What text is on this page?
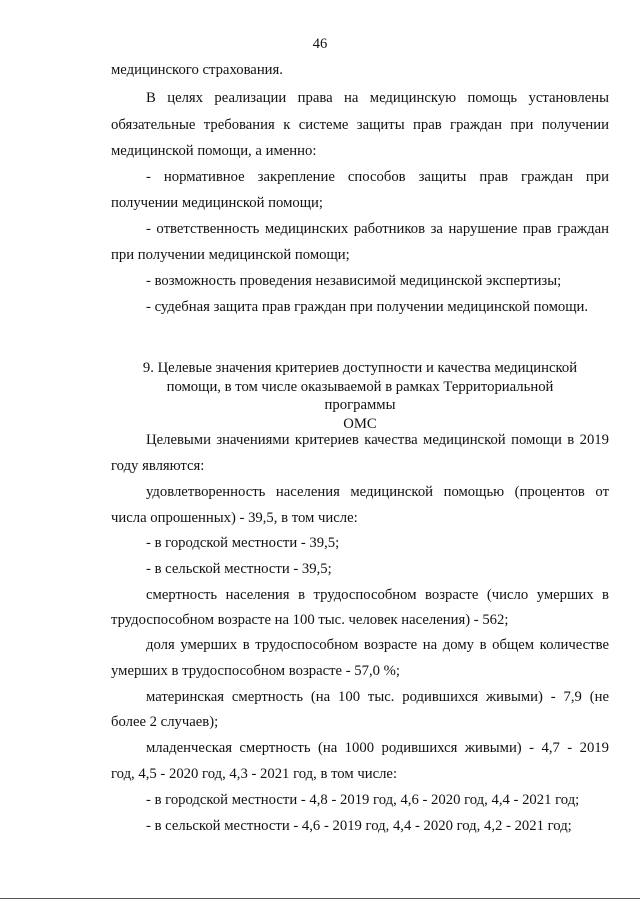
46
медицинского страхования.
В целях реализации права на медицинскую помощь установлены
обязательные требования к системе защиты прав граждан при получении
медицинской помощи, а именно:
- нормативное закрепление способов защиты прав граждан при
получении медицинской помощи;
- ответственность медицинских работников за нарушение прав граждан
при получении медицинской помощи;
- возможность проведения независимой медицинской экспертизы;
- судебная защита прав граждан при получении медицинской помощи.
9. Целевые значения критериев доступности и качества медицинской
помощи, в том числе оказываемой в рамках Территориальной программы
ОМС
Целевыми значениями критериев качества медицинской помощи в 2019
году являются:
удовлетворенность населения медицинской помощью (процентов от
числа опрошенных) - 39,5, в том числе:
- в городской местности - 39,5;
- в сельской местности - 39,5;
смертность населения в трудоспособном возрасте (число умерших в
трудоспособном возрасте на 100 тыс. человек населения) - 562;
доля умерших в трудоспособном возрасте на дому в общем количестве
умерших в трудоспособном возрасте - 57,0 %;
материнская смертность (на 100 тыс. родившихся живыми) - 7,9 (не
более 2 случаев);
младенческая смертность (на 1000 родившихся живыми) - 4,7 - 2019
год, 4,5 - 2020 год, 4,3 - 2021 год, в том числе:
- в городской местности - 4,8 - 2019 год, 4,6 - 2020 год, 4,4 - 2021 год;
- в сельской местности - 4,6 - 2019 год, 4,4 - 2020 год, 4,2 - 2021 год;
